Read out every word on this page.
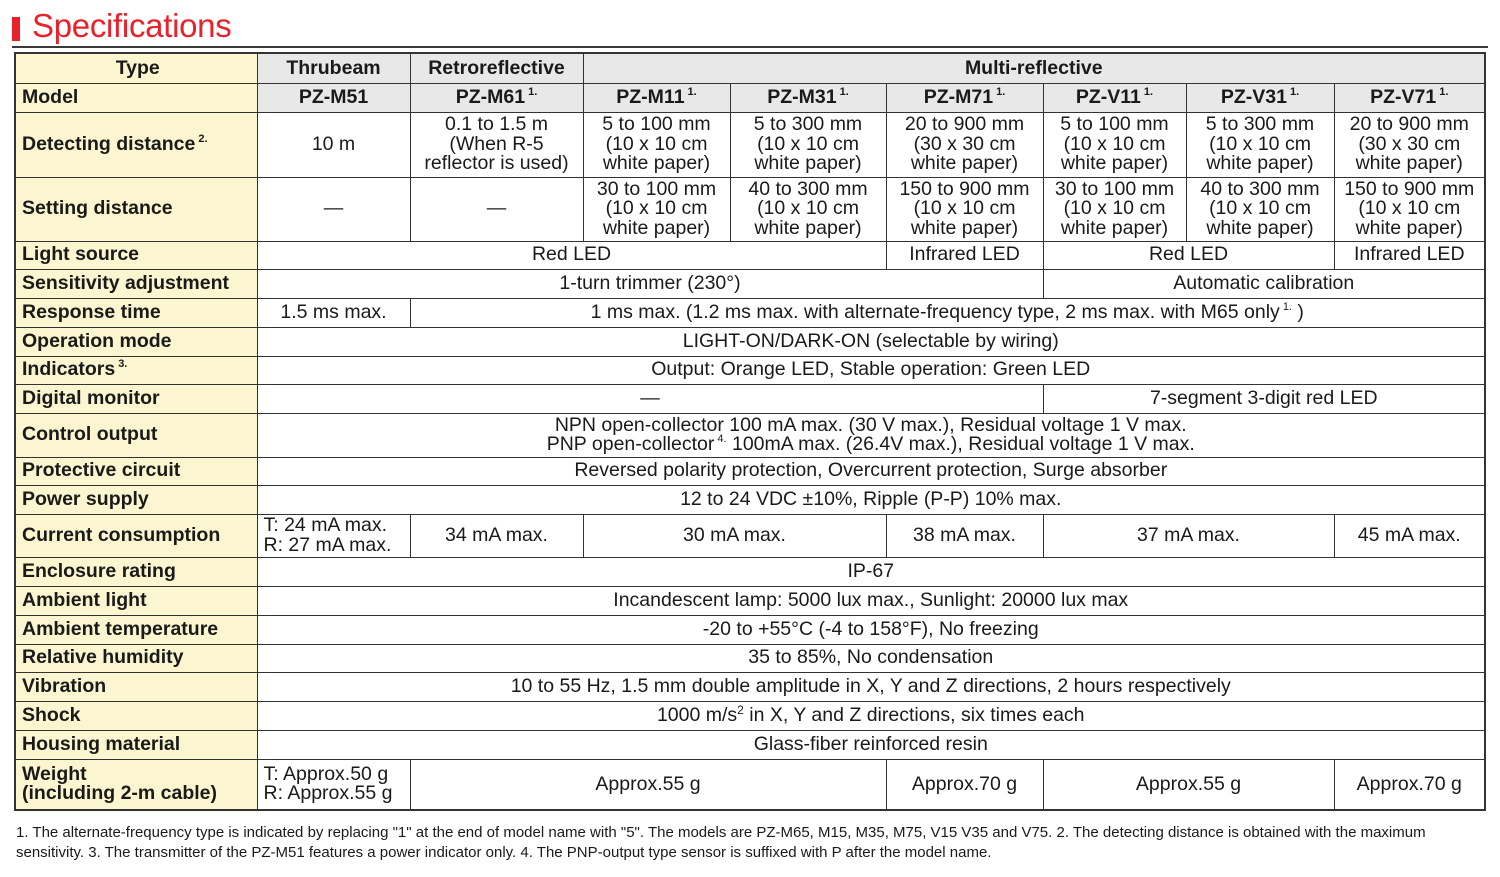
Specifications
Type	Thrubeam	Retroreflective	Multi-reflective					
Model	PZ-M51	PZ-M61 $^{1.}$	PZ-M11 $^{1.}$	PZ-M31 $^{1.}$	PZ-M71 $^{1.}$	PZ-V11 $^{1.}$	PZ-V31 $^{1.}$	PZ-V71 $^{1.}$
Detecting distance $^{2.}$	10 m	0.1 to 1.5 m
(When R-5
reflector is used)	5 to 100 mm
(10 x 10 cm
white paper)	5 to 300 mm
(10 x 10 cm
white paper)	20 to 900 mm
(30 x 30 cm
white paper)	5 to 100 mm
(10 x 10 cm
white paper)	5 to 300 mm
(10 x 10 cm
white paper)	20 to 900 mm
(30 x 30 cm
white paper)

Setting distance	—	—	30 to 100 mm
(10 x 10 cm
white paper)	40 to 300 mm
(10 x 10 cm
white paper)	150 to 900 mm
(10 x 10 cm
white paper)	30 to 100 mm
(10 x 10 cm
white paper)	40 to 300 mm
(10 x 10 cm
white paper)	150 to 900 mm
(10 x 10 cm
white paper)

Light source	Red LED				Infrared LED	Red LED		Infrared LED
Sensitivity adjustment	1-turn trimmer (230°)					Automatic calibration		
Response time	1.5 ms max.	1 ms max. (1.2 ms max. with alternate-frequency type, 2 ms max. with M65 only $^{1.}$ )						
Operation mode	LIGHT-ON/DARK-ON (selectable by wiring)							
Indicators $^{3.}$	Output: Orange LED, Stable operation: Green LED							
Digital monitor	—					7-segment 3-digit red LED		
Control output	NPN open-collector 100 mA max. (30 V max.), Residual voltage 1 V max.
PNP open-collector $^{4.}$ 100mA max. (26.4V max.), Residual voltage 1 V max.							

Protective circuit	Reversed polarity protection, Overcurrent protection, Surge absorber							
Power supply	12 to 24 VDC ±10%, Ripple (P-P) 10% max.							
Current consumption	T: 24 mA max.
R: 27 mA max.	34 mA max.	30 mA max.		38 mA max.	37 mA max.		45 mA max.
Enclosure rating	IP-67							
Ambient light	Incandescent lamp: 5000 lux max., Sunlight: 20000 lux max							
Ambient temperature	-20 to +55°C (-4 to 158°F), No freezing							
Relative humidity	35 to 85%, No condensation							
Vibration	10 to 55 Hz, 1.5 mm double amplitude in X, Y and Z directions, 2 hours respectively							
Shock	1000 $m/s^2$ in X, Y and Z directions, six times each							
Housing material	Glass-fiber reinforced resin							

Weight
(including 2-m cable)	T: Approx.50 g
R: Approx.55 g	Approx.55 g			Approx.70 g	Approx.55 g		Approx.70 g
1. The alternate-frequency type is indicated by replacing "1" at the end of model name with "5". The models are PZ-M65, M15, M35, M75, V15 V35 and V75. 2. The detecting distance is obtained with the maximum sensitivity. 3. The transmitter of the PZ-M51 features a power indicator only. 4. The PNP-output type sensor is suffixed with P after the model name.
